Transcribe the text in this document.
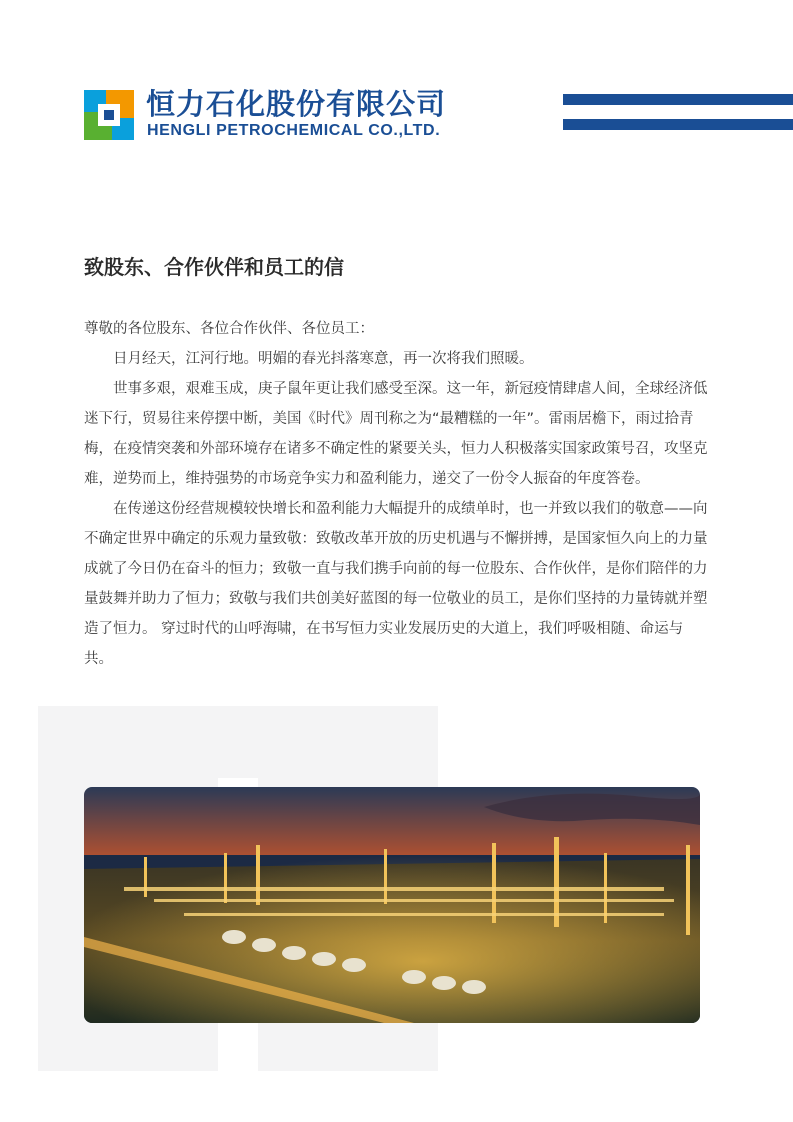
恒力石化股份有限公司
HENGLI PETROCHEMICAL CO.,LTD.
致股东、合作伙伴和员工的信

尊敬的各位股东、各位合作伙伴、各位员工：

日月经天，江河行地。明媚的春光抖落寒意，再一次将我们照暖。

世事多艰，艰难玉成，庚子鼠年更让我们感受至深。这一年，新冠疫情肆虐人间，全球经济低迷下行，贸易往来停摆中断，美国《时代》周刊称之为“最糟糕的一年”。雷雨居檐下，雨过拾青梅，在疫情突袭和外部环境存在诸多不确定性的紧要关头，恒力人积极落实国家政策号召，攻坚克难，逆势而上，维持强势的市场竞争实力和盈利能力，递交了一份令人振奋的年度答卷。

在传递这份经营规模较快增长和盈利能力大幅提升的成绩单时，也一并致以我们的敬意——向不确定世界中确定的乐观力量致敬：致敬改革开放的历史机遇与不懈拼搏，是国家恒久向上的力量成就了今日仍在奋斗的恒力；致敬一直与我们携手向前的每一位股东、合作伙伴，是你们陪伴的力量鼓舞并助力了恒力；致敬与我们共创美好蓝图的每一位敬业的员工，是你们坚持的力量铸就并塑造了恒力。 穿过时代的山呼海啸，在书写恒力实业发展历史的大道上，我们呼吸相随、命运与共。
